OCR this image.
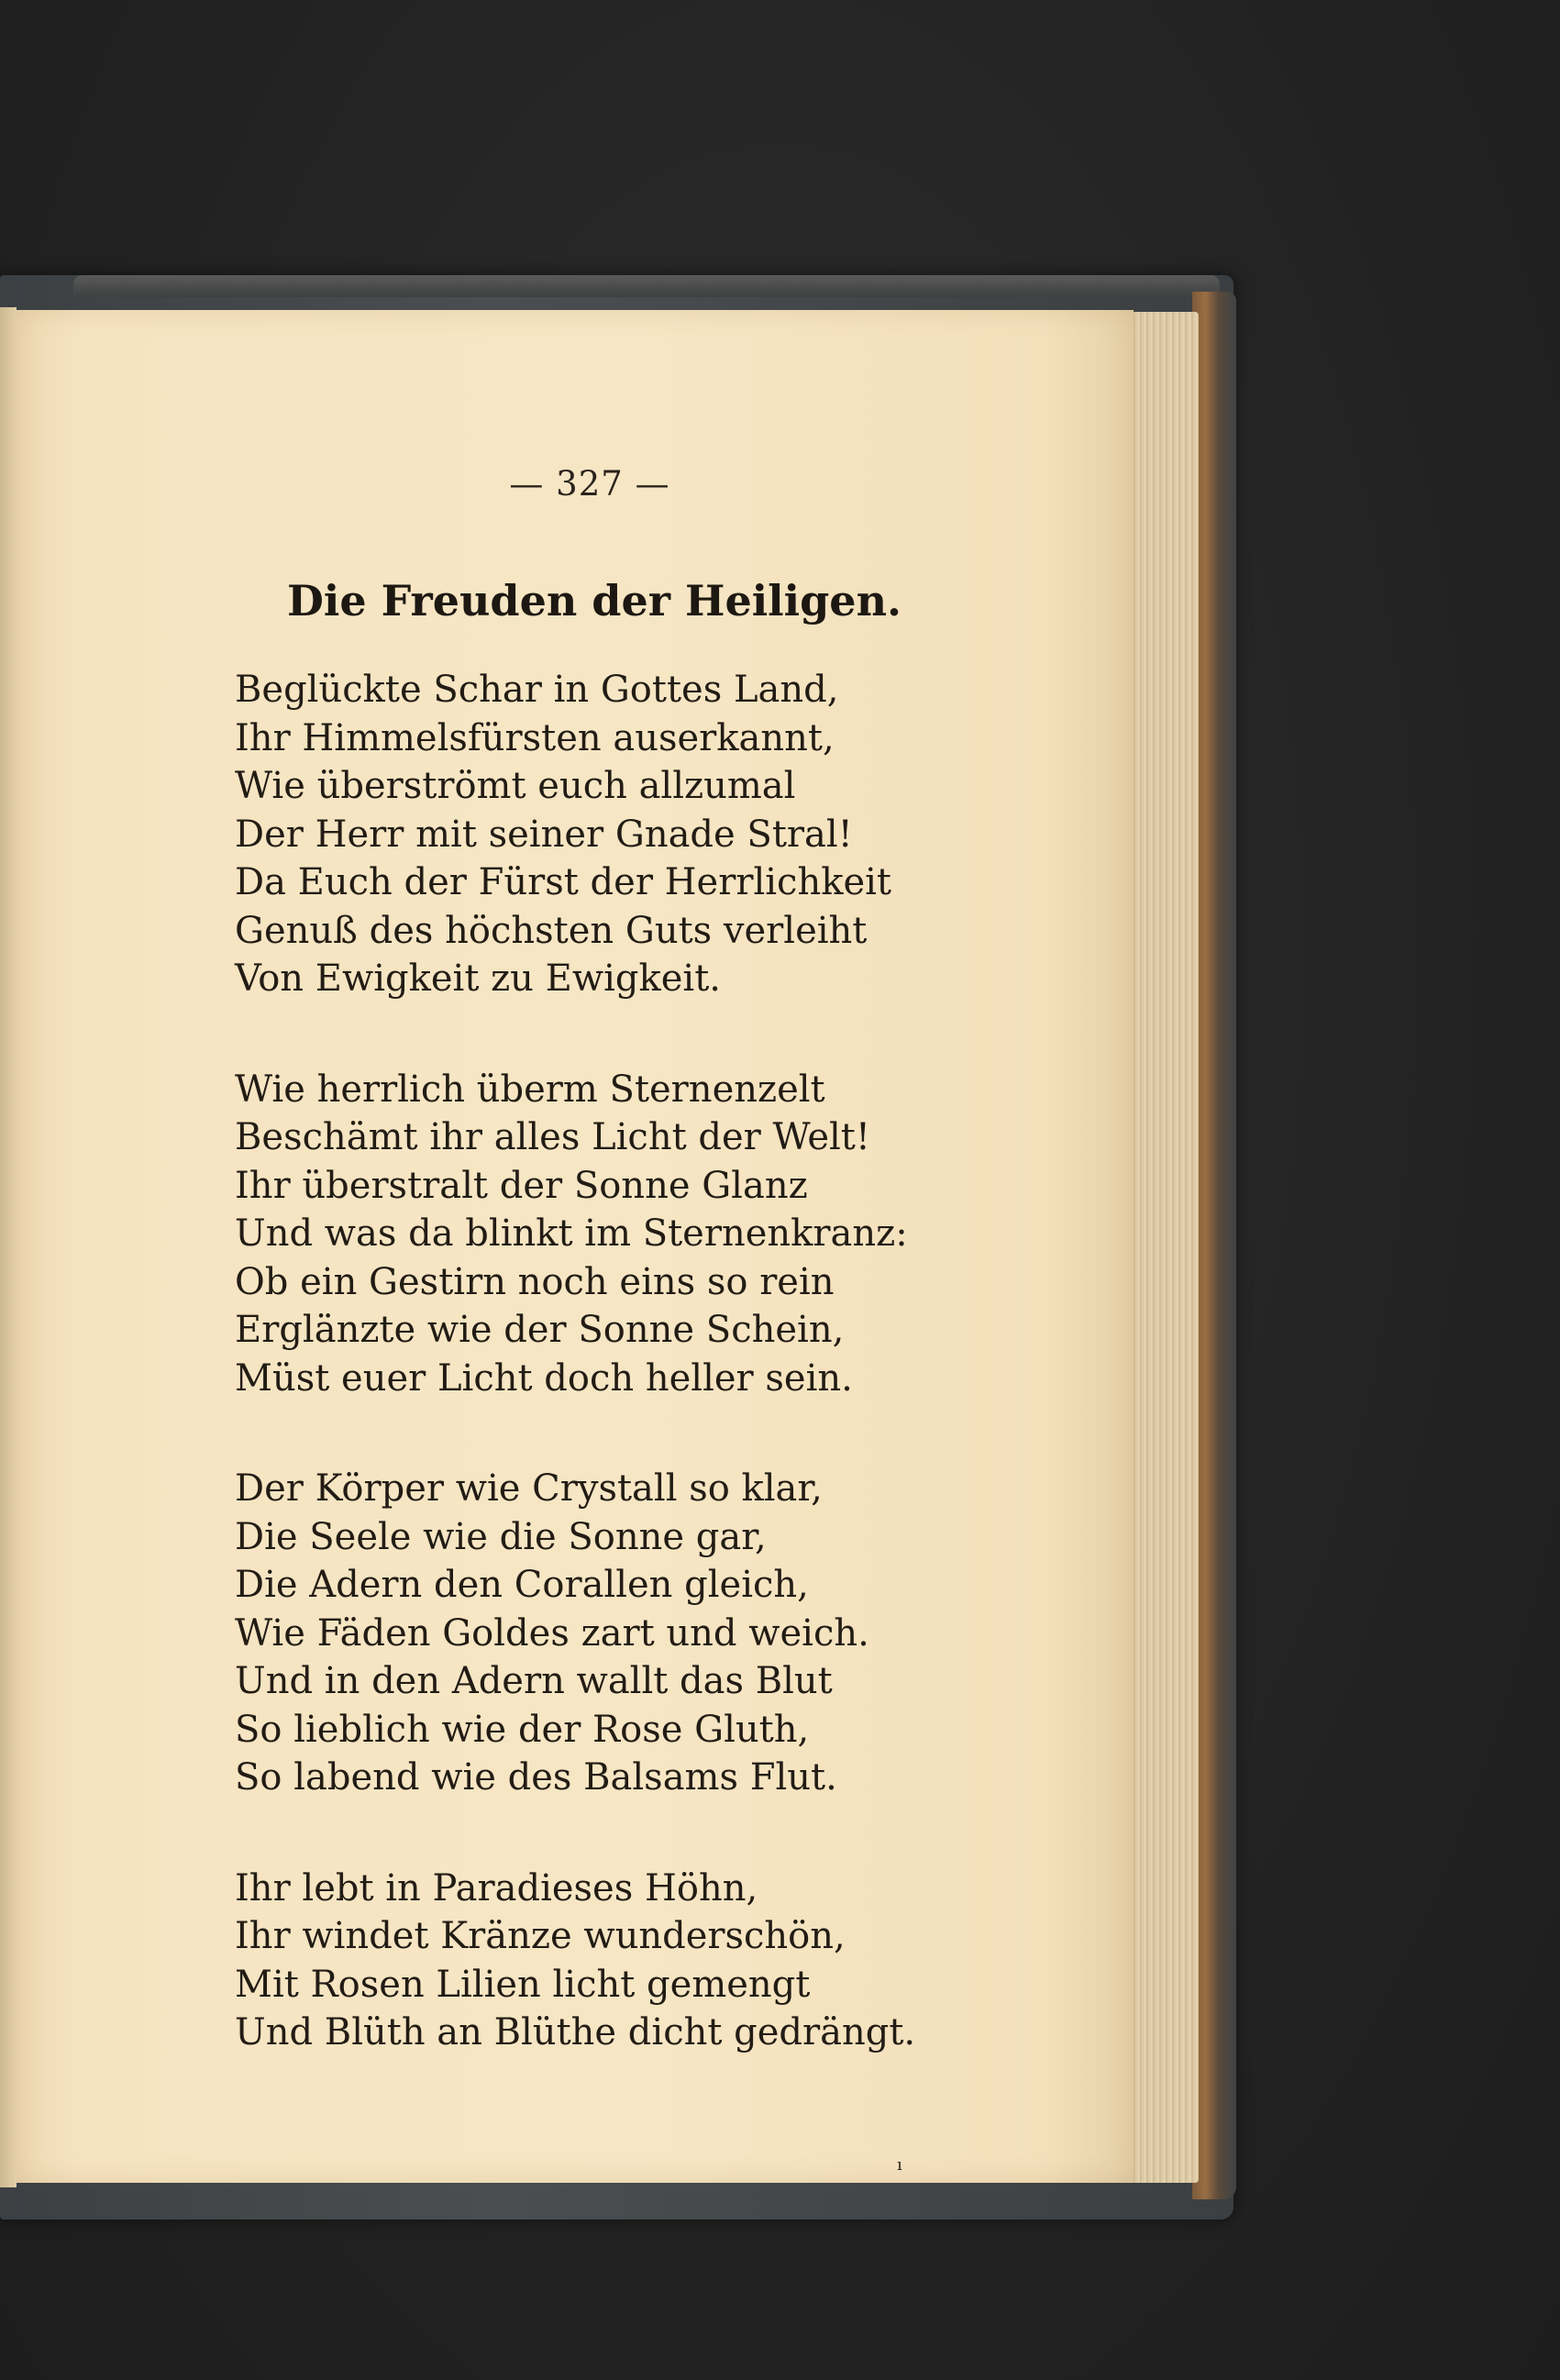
— 327 —
Die Freuden der Heiligen.
Beglückte Schar in Gottes Land,
Ihr Himmelsfürsten auserkannt,
Wie überströmt euch allzumal
Der Herr mit seiner Gnade Stral!
Da Euch der Fürst der Herrlichkeit
Genuß des höchsten Guts verleiht
Von Ewigkeit zu Ewigkeit.
Wie herrlich überm Sternenzelt
Beschämt ihr alles Licht der Welt!
Ihr überstralt der Sonne Glanz
Und was da blinkt im Sternenkranz:
Ob ein Gestirn noch eins so rein
Erglänzte wie der Sonne Schein,
Müst euer Licht doch heller sein.
Der Körper wie Crystall so klar,
Die Seele wie die Sonne gar,
Die Adern den Corallen gleich,
Wie Fäden Goldes zart und weich.
Und in den Adern wallt das Blut
So lieblich wie der Rose Gluth,
So labend wie des Balsams Flut.
Ihr lebt in Paradieses Höhn,
Ihr windet Kränze wunderschön,
Mit Rosen Lilien licht gemengt
Und Blüth an Blüthe dicht gedrängt.
ı
